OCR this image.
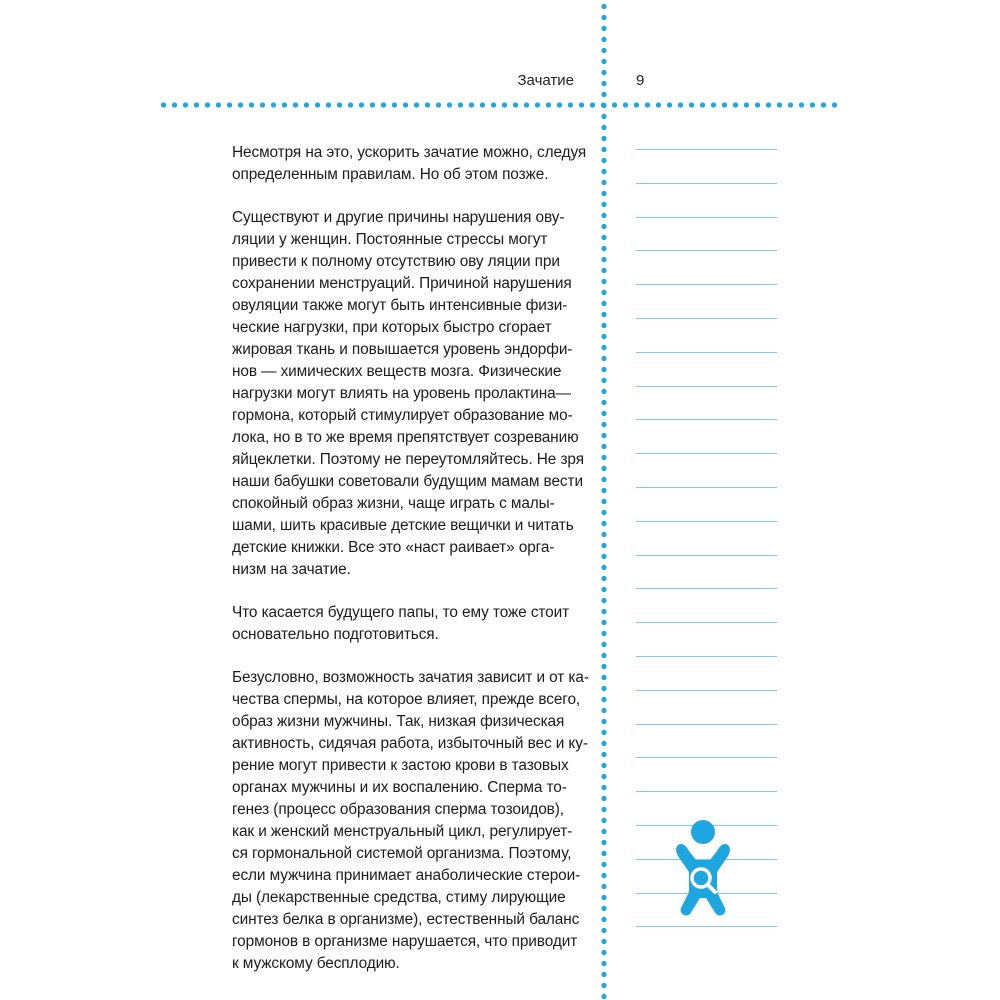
Зачатие	9

Несмотря на это, ускорить зачатие можно, следуя
определенным правилам. Но об этом позже.

Существуют и другие причины нарушения ову-
ляции у женщин. Постоянные стрессы могут
привести к полному отсутствию ову ляции при
сохранении менструаций. Причиной нарушения
овуляции также могут быть интенсивные физи-
ческие нагрузки, при которых быстро сгорает
жировая ткань и повышается уровень эндорфи-
нов — химических веществ мозга. Физические
нагрузки могут влиять на уровень пролактина—
гормона, который стимулирует образование мо-
лока, но в то же время препятствует созреванию
яйцеклетки. Поэтому не переутомляйтесь. Не зря
наши бабушки советовали будущим мамам вести
спокойный образ жизни, чаще играть с малы-
шами, шить красивые детские вещички и читать
детские книжки. Все это «наст раивает» орга-
низм на зачатие.

Что касается будущего папы, то ему тоже стоит
основательно подготовиться.

Безусловно, возможность зачатия зависит и от ка-
чества спермы, на которое влияет, прежде всего,
образ жизни мужчины. Так, низкая физическая
активность, сидячая работа, избыточный вес и ку-
рение могут привести к застою крови в тазовых
органах мужчины и их воспалению. Сперма то-
генез (процесс образования сперма тозоидов),
как и женский менструальный цикл, регулирует-
ся гормональной системой организма. Поэтому,
если мужчина принимает анаболические стерои-
ды (лекарственные средства, стиму лирующие
синтез белка в организме), естественный баланс
гормонов в организме нарушается, что приводит
к мужскому бесплодию.
